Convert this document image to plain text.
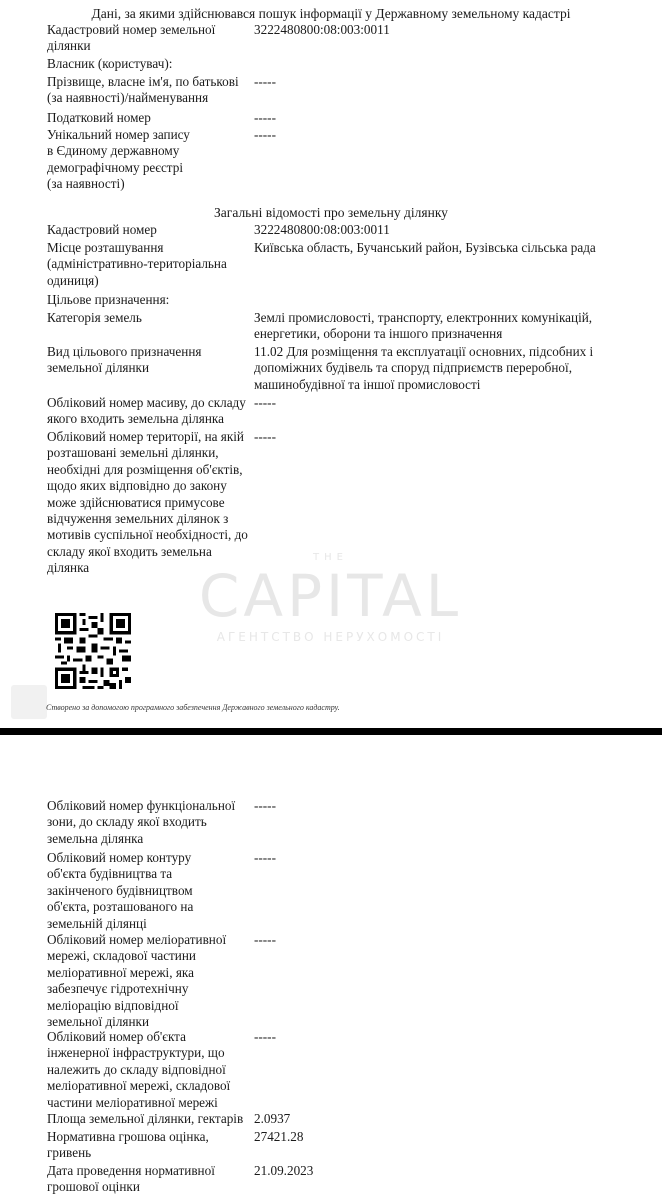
Дані, за якими здійснювався пошук інформації у Державному земельному кадастрі
Кадастровий номер земельної ділянки
3222480800:08:003:0011
Власник (користувач):
Прізвище, власне ім'я, по батькові (за наявності)/найменування
-----
Податковий номер	-----
Унікальний номер запису в Єдиному державному демографічному реєстрі (за наявності)
-----
Загальні відомості про земельну ділянку
Кадастровий номер	3222480800:08:003:0011
Місце розташування (адміністративно-територіальна одиниця)
Київська область, Бучанський район, Бузівська сільська рада
Цільове призначення:
Категорія земель	Землі промисловості, транспорту, електронних комунікацій, енергетики, оборони та іншого призначення
Вид цільового призначення земельної ділянки
11.02 Для розміщення та експлуатації основних, підсобних і допоміжних будівель та споруд підприємств переробної, машинобудівної та іншої промисловості
Обліковий номер масиву, до складу якого входить земельна ділянка
-----
Обліковий номер території, на якій розташовані земельні ділянки, необхідні для розміщення об'єктів, щодо яких відповідно до закону може здійснюватися примусове відчуження земельних ділянок з мотивів суспільної необхідності, до складу якої входить земельна ділянка
-----
THE
CAPITAL
АГЕНТСТВО НЕРУХОМОСТІ
Створено за допомогою програмного забезпечення Державного земельного кадастру.
Обліковий номер функціональної зони, до складу якої входить земельна ділянка
-----
Обліковий номер контуру об'єкта будівництва та закінченого будівництвом об'єкта, розташованого на земельній ділянці
-----
Обліковий номер меліоративної мережі, складової частини меліоративної мережі, яка забезпечує гідротехнічну меліорацію відповідної земельної ділянки
-----
Обліковий номер об'єкта інженерної інфраструктури, що належить до складу відповідної меліоративної мережі, складової частини меліоративної мережі
-----
Площа земельної ділянки, гектарів 2.0937
Нормативна грошова оцінка, гривень
27421.28
Дата проведення нормативної грошової оцінки
21.09.2023
